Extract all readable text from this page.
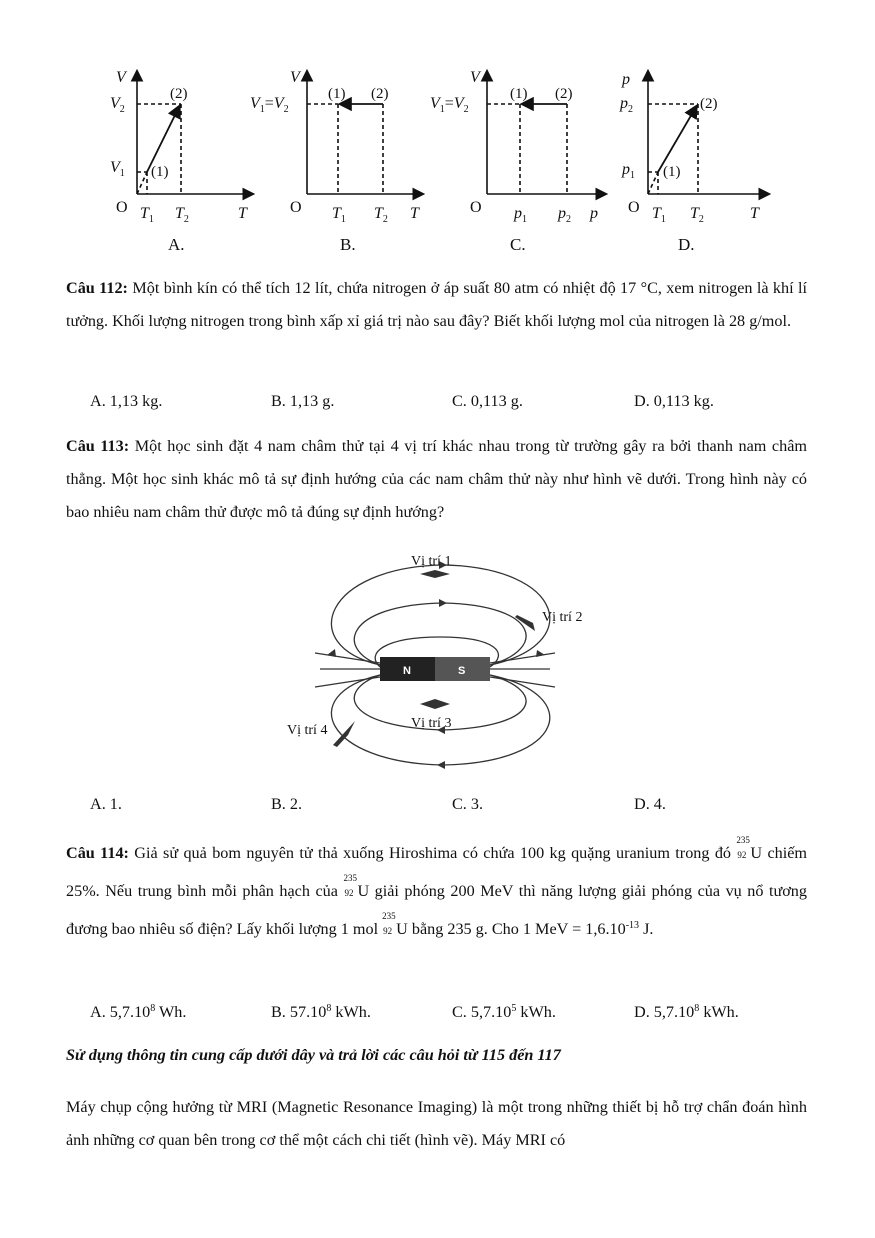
V
T
O
$V_2$
$V_1$
$T_1$ $T_2$
(1)
(2)
A.
V
T
O
$V_1=V_2$
$T_1$ $T_2$
(1) (2)
B.
V
p
O
$V_1=V_2$
$p_1$ $p_2$
(1) (2)
C.
p
T
O
$p_2$
$p_1$
$T_1$ $T_2$
(1)
(2)
D.
Câu 112: Một bình kín có thể tích 12 lít, chứa nitrogen ở áp suất 80 atm có nhiệt độ 17 °C, xem nitrogen là khí lí tưởng. Khối lượng nitrogen trong bình xấp xỉ giá trị nào sau đây? Biết khối lượng mol của nitrogen là 28 g/mol.
A. 1,13 kg.	B. 1,13 g.	C. 0,113 g.	D. 0,113 kg.
Câu 113: Một học sinh đặt 4 nam châm thử tại 4 vị trí khác nhau trong từ trường gây ra bởi thanh nam châm thẳng. Một học sinh khác mô tả sự định hướng của các nam châm thử này như hình vẽ dưới. Trong hình này có bao nhiêu nam châm thử được mô tả đúng sự định hướng?
N	S
Vị trí 1
Vị trí 2
Vị trí 3
Vị trí 4
A. 1.	B. 2.	C. 3.	D. 4.
Câu 114: Giả sử quả bom nguyên tử thả xuống Hiroshima có chứa 100 kg quặng uranium trong đó
235
92 U chiếm 25%. Nếu trung bình mỗi phân hạch của
235
92 U giải phóng 200 MeV thì năng lượng giải phóng của vụ nổ tương đương bao nhiêu số điện? Lấy khối lượng 1 mol
235
92 U bằng 235 g. Cho 1 MeV = $1,6.10^{-13}$ J.
A. 5,7.10$^8$ Wh.	B. 57.10$^8$ kWh.	C. 5,7.10$^5$ kWh.	D. 5,7.10$^8$ kWh.
Sử dụng thông tin cung cấp dưới dây và trả lời các câu hỏi từ 115 đến 117
Máy chụp cộng hưởng từ MRI (Magnetic Resonance Imaging) là một trong những thiết bị hỗ trợ chẩn đoán hình ảnh những cơ quan bên trong cơ thể một cách chi tiết (hình vẽ). Máy MRI có
